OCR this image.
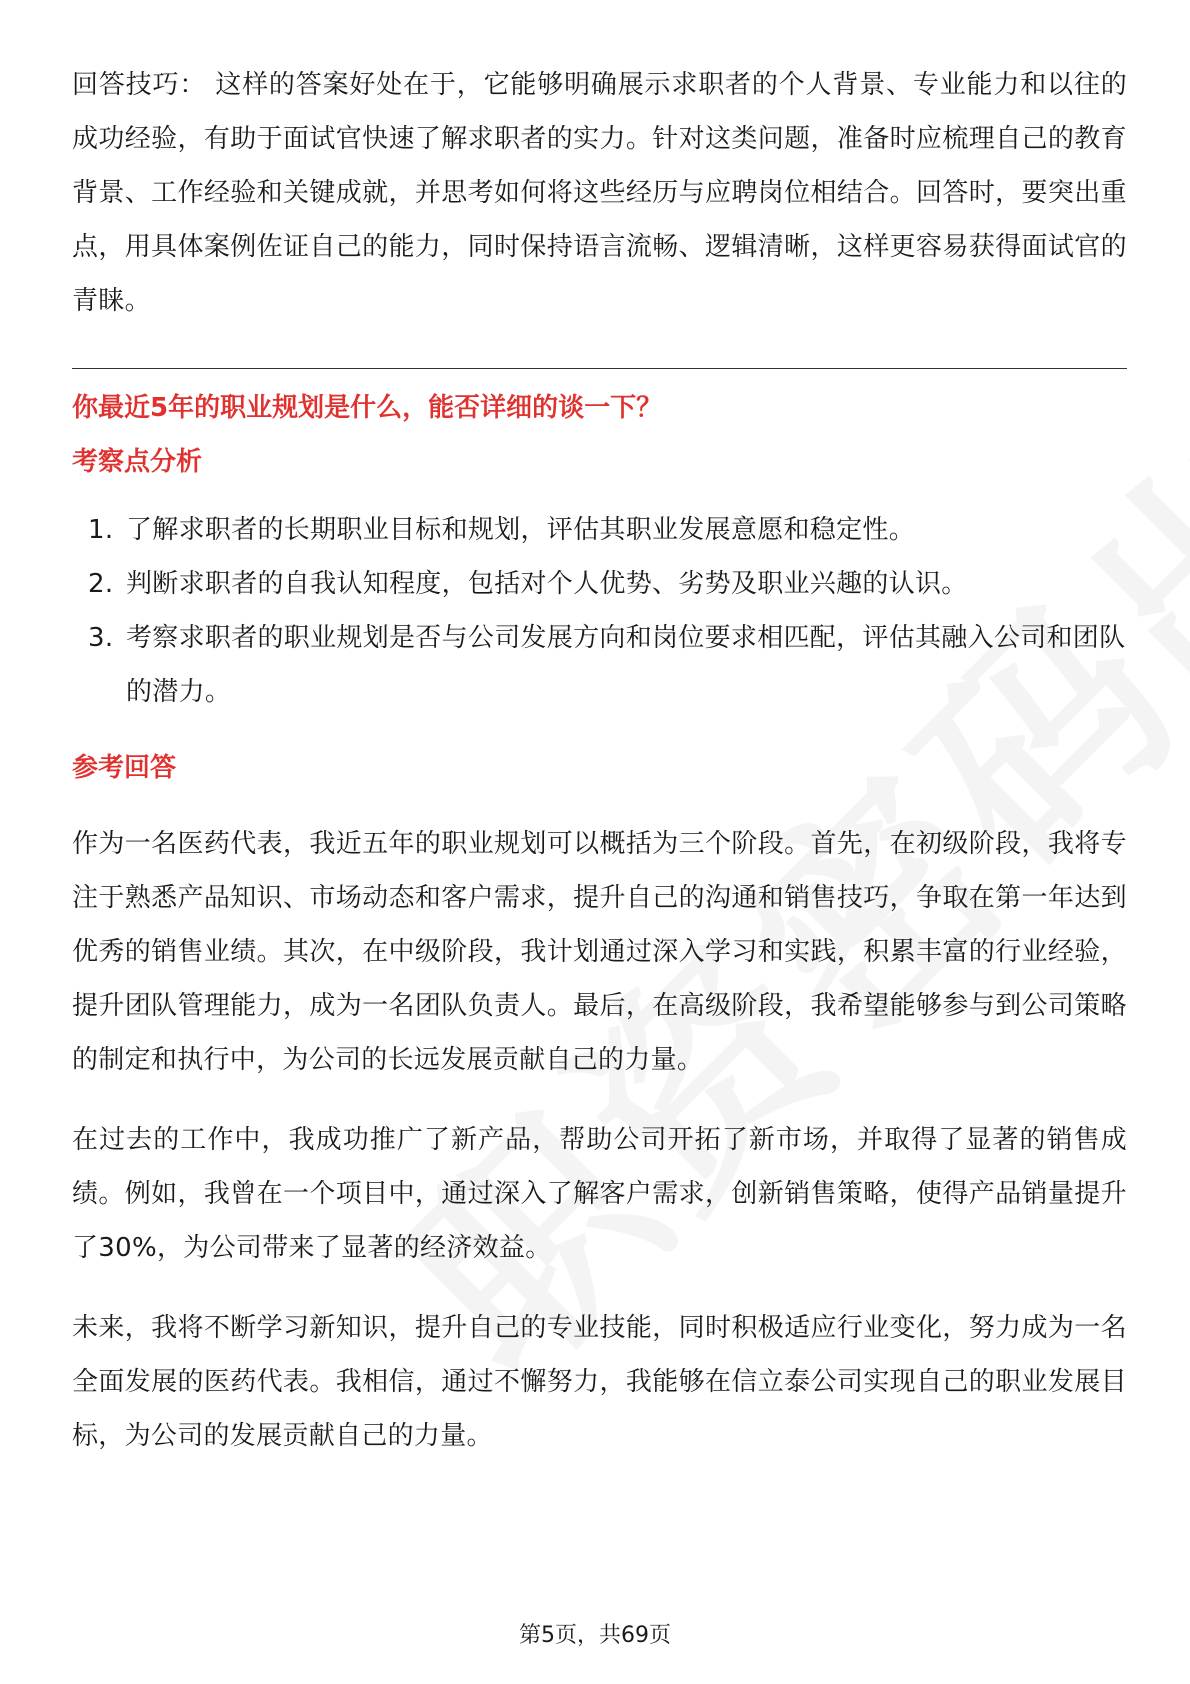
回答技巧： 这样的答案好处在于，它能够明确展示求职者的个人背景、专业能力和以往的成功经验，有助于面试官快速了解求职者的实力。针对这类问题，准备时应梳理自己的教育背景、工作经验和关键成就，并思考如何将这些经历与应聘岗位相结合。回答时，要突出重点，用具体案例佐证自己的能力，同时保持语言流畅、逻辑清晰，这样更容易获得面试官的青睐。

你最近5年的职业规划是什么，能否详细的谈一下？
考察点分析
1. 了解求职者的长期职业目标和规划，评估其职业发展意愿和稳定性。
2. 判断求职者的自我认知程度，包括对个人优势、劣势及职业兴趣的认识。
3. 考察求职者的职业规划是否与公司发展方向和岗位要求相匹配，评估其融入公司和团队的潜力。
参考回答

作为一名医药代表，我近五年的职业规划可以概括为三个阶段。首先，在初级阶段，我将专注于熟悉产品知识、市场动态和客户需求，提升自己的沟通和销售技巧，争取在第一年达到优秀的销售业绩。其次，在中级阶段，我计划通过深入学习和实践，积累丰富的行业经验，提升团队管理能力，成为一名团队负责人。最后，在高级阶段，我希望能够参与到公司策略的制定和执行中，为公司的长远发展贡献自己的力量。

在过去的工作中，我成功推广了新产品，帮助公司开拓了新市场，并取得了显著的销售成绩。例如，我曾在一个项目中，通过深入了解客户需求，创新销售策略，使得产品销量提升了30%，为公司带来了显著的经济效益。

未来，我将不断学习新知识，提升自己的专业技能，同时积极适应行业变化，努力成为一名全面发展的医药代表。我相信，通过不懈努力，我能够在信立泰公司实现自己的职业发展目标，为公司的发展贡献自己的力量。

第5页，共69页
